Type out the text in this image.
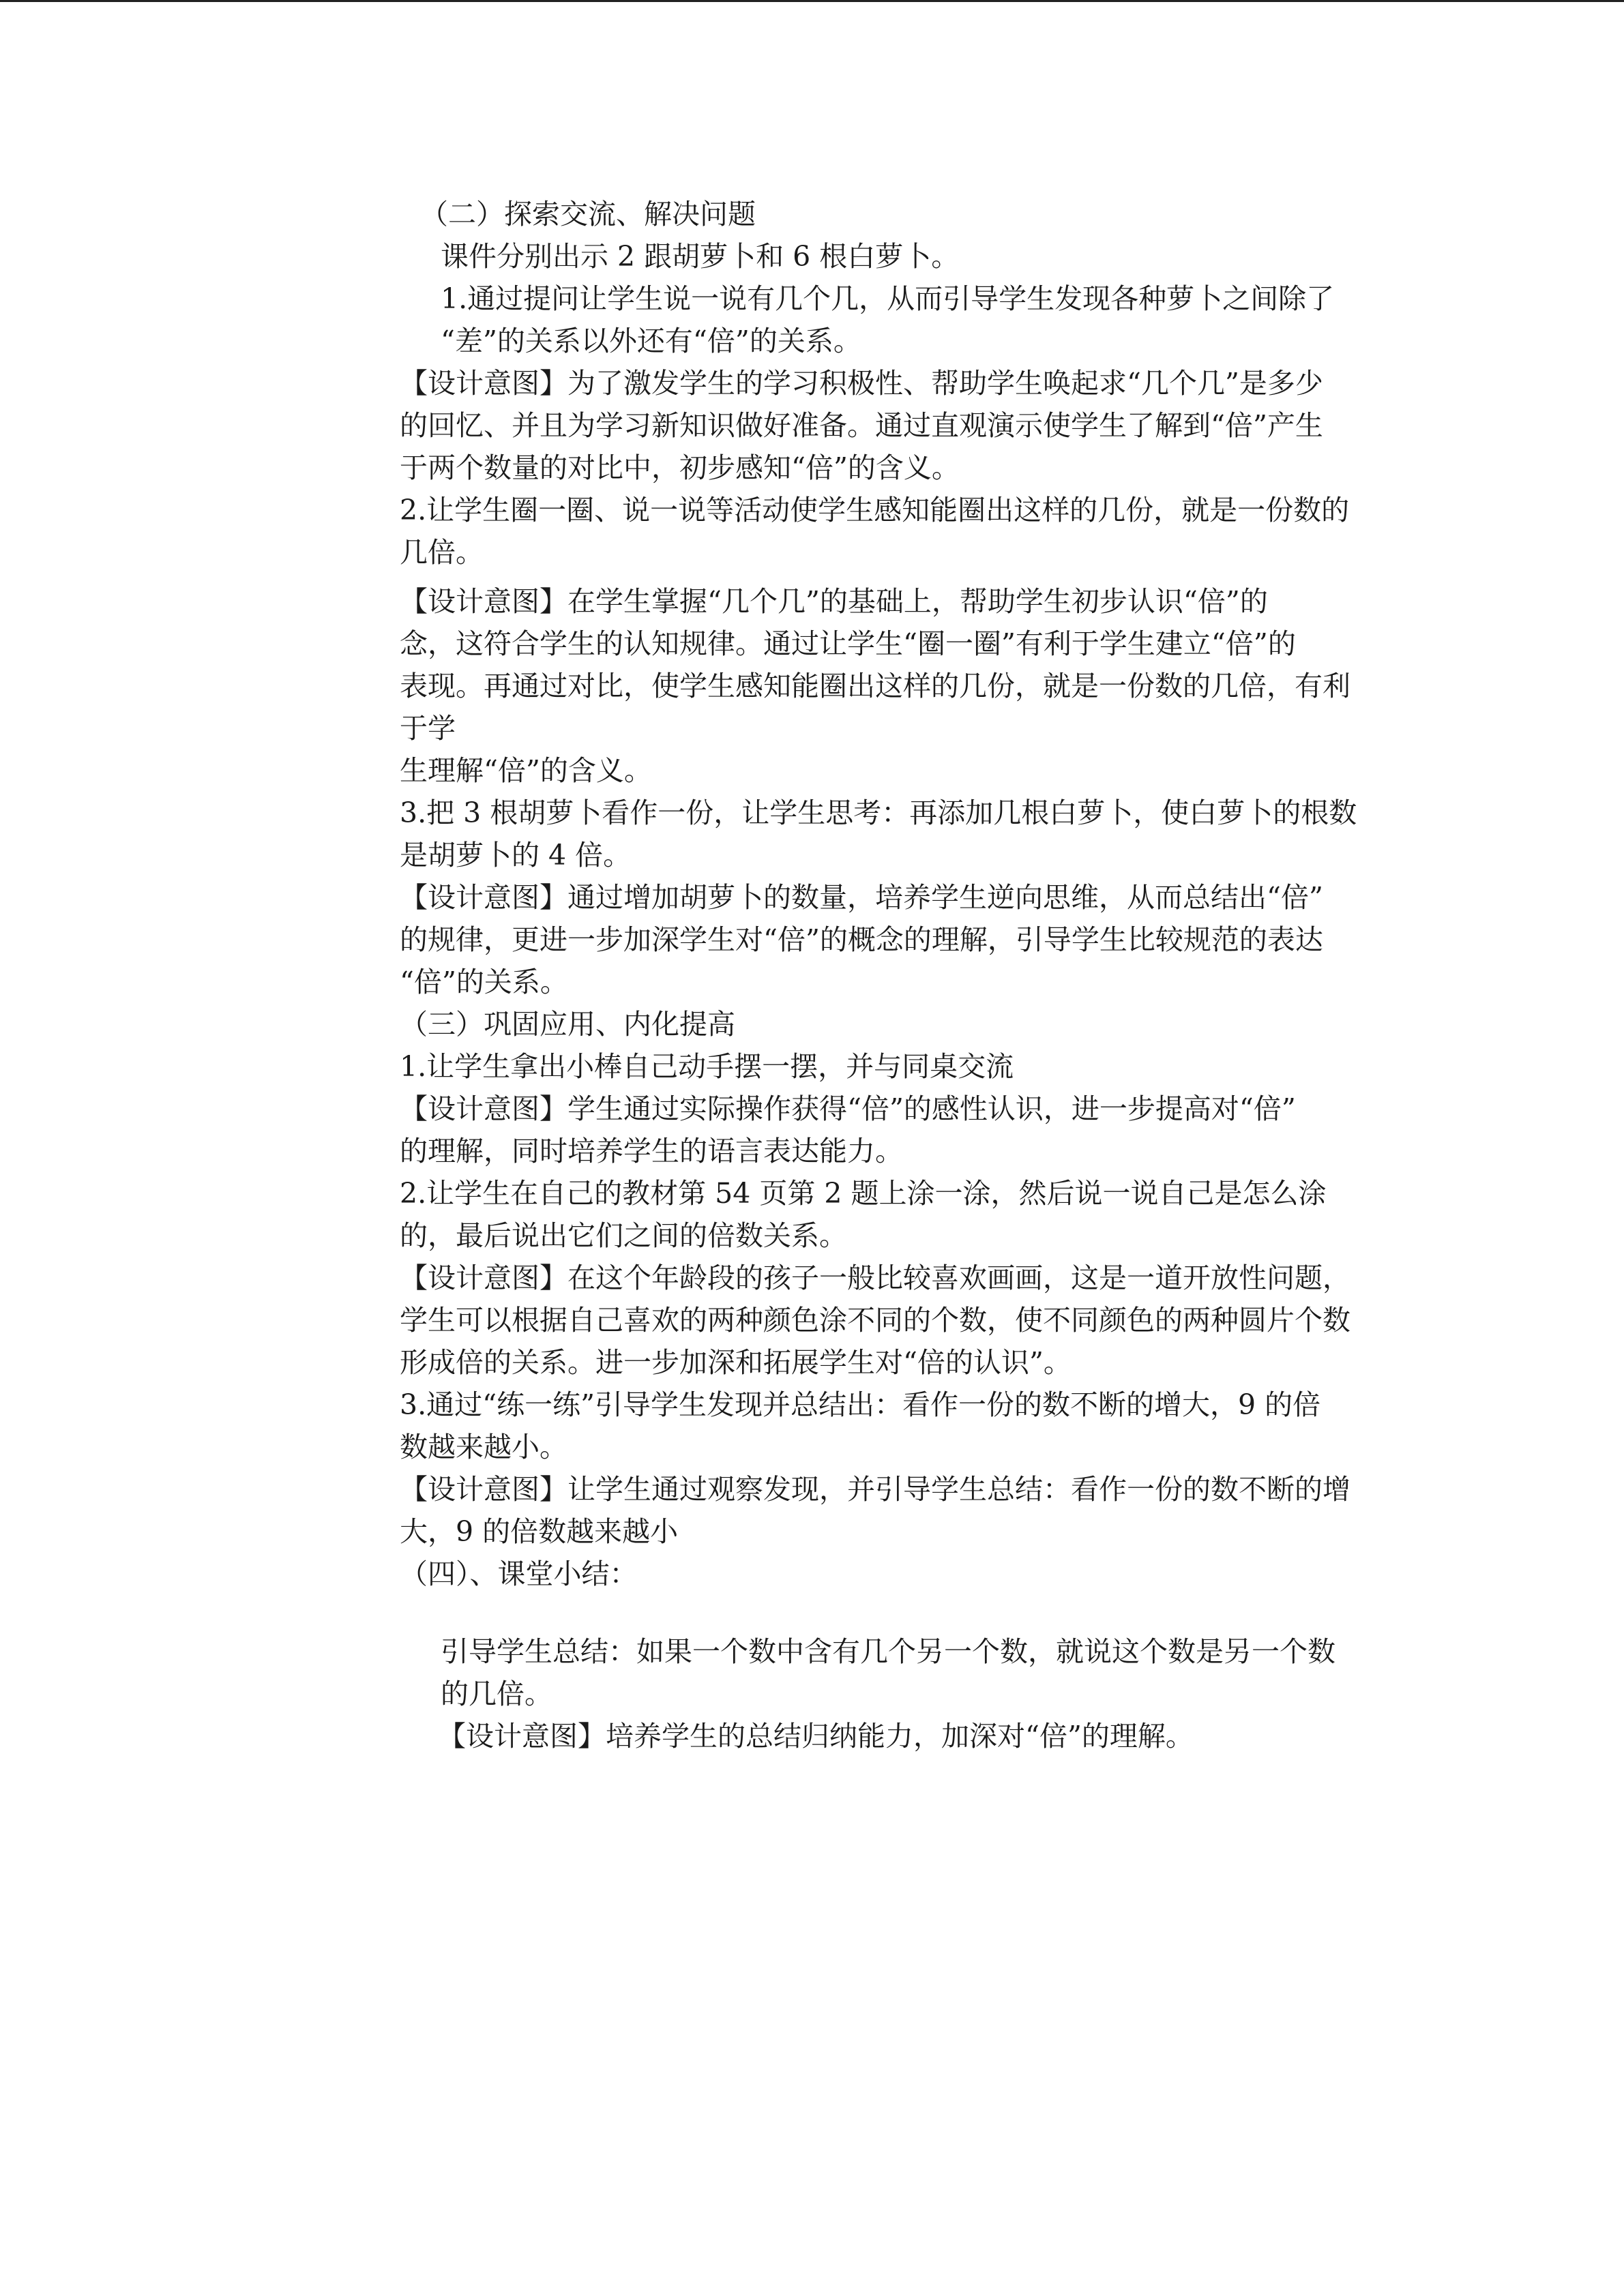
（二）探索交流、解决问题
课件分别出示 2 跟胡萝卜和 6 根白萝卜。
1.通过提问让学生说一说有几个几，从而引导学生发现各种萝卜之间除了
“差”的关系以外还有“倍”的关系。
【设计意图】为了激发学生的学习积极性、帮助学生唤起求“几个几”是多少
的回忆、并且为学习新知识做好准备。通过直观演示使学生了解到“倍”产生
于两个数量的对比中，初步感知“倍”的含义。
2.让学生圈一圈、说一说等活动使学生感知能圈出这样的几份，就是一份数的
几倍。
【设计意图】在学生掌握“几个几”的基础上，帮助学生初步认识“倍”的
念，这符合学生的认知规律。通过让学生“圈一圈”有利于学生建立“倍”的
表现。再通过对比，使学生感知能圈出这样的几份，就是一份数的几倍，有利
于学
生理解“倍”的含义。
3.把 3 根胡萝卜看作一份，让学生思考：再添加几根白萝卜，使白萝卜的根数
是胡萝卜的 4 倍。
【设计意图】通过增加胡萝卜的数量，培养学生逆向思维，从而总结出“倍”
的规律，更进一步加深学生对“倍”的概念的理解，引导学生比较规范的表达
“倍”的关系。
（三）巩固应用、内化提高
1.让学生拿出小棒自己动手摆一摆，并与同桌交流
【设计意图】学生通过实际操作获得“倍”的感性认识，进一步提高对“倍”
的理解，同时培养学生的语言表达能力。
2.让学生在自己的教材第 54 页第 2 题上涂一涂，然后说一说自己是怎么涂
的，最后说出它们之间的倍数关系。
【设计意图】在这个年龄段的孩子一般比较喜欢画画，这是一道开放性问题，
学生可以根据自己喜欢的两种颜色涂不同的个数，使不同颜色的两种圆片个数
形成倍的关系。进一步加深和拓展学生对“倍的认识”。
3.通过“练一练”引导学生发现并总结出：看作一份的数不断的增大，9 的倍
数越来越小。
【设计意图】让学生通过观察发现，并引导学生总结：看作一份的数不断的增
大，9 的倍数越来越小
（四）、课堂小结：
引导学生总结：如果一个数中含有几个另一个数，就说这个数是另一个数
的几倍。
【设计意图】培养学生的总结归纳能力，加深对“倍”的理解。
